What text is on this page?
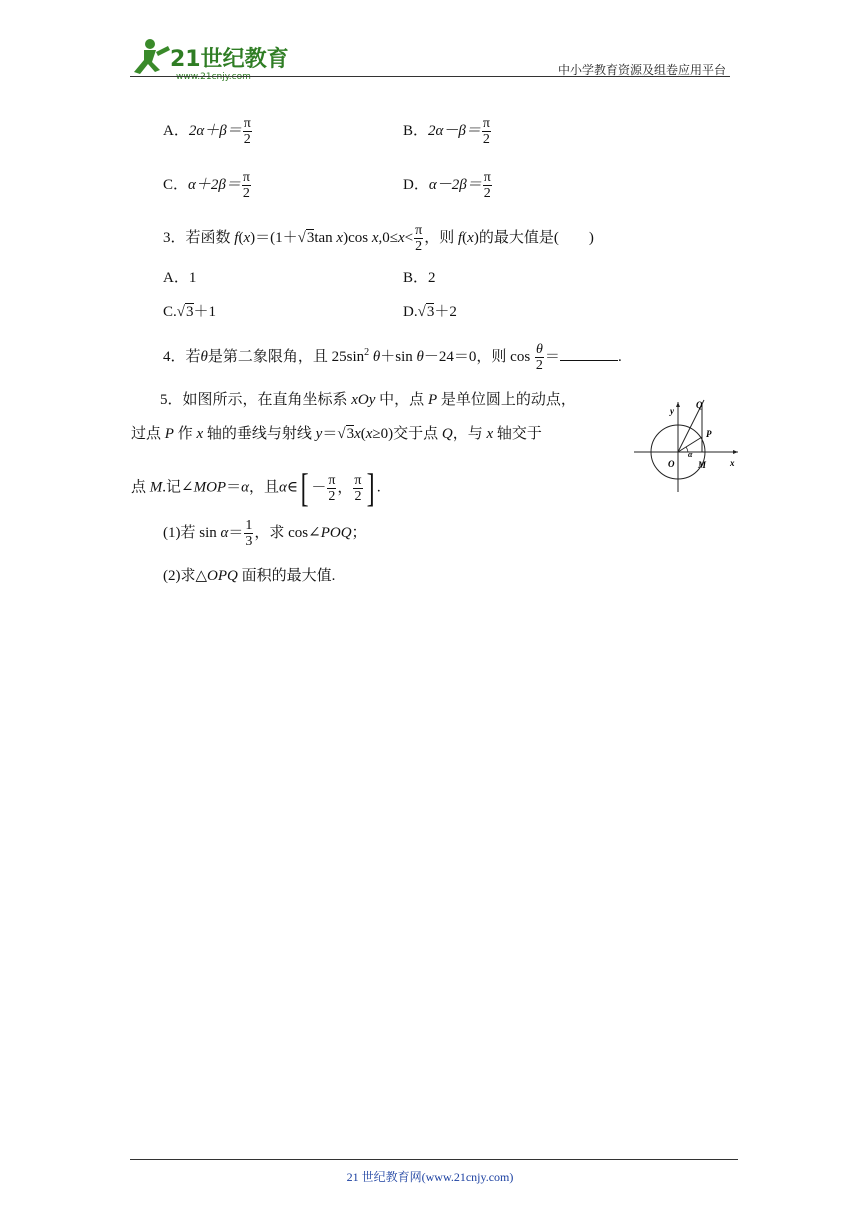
21世纪教育
www.21cnjy.com	中小学教育资源及组卷应用平台
A．$2\alpha+\beta= \frac{\pi}{2}$	B．$2\alpha-\beta= \frac{\pi}{2}$
C．$\alpha+2\beta= \frac{\pi}{2}$	D．$\alpha-2\beta= \frac{\pi}{2}$
3．若函数 f(x)＝(1＋√3tan x)cos $x,0\le x< \frac{\pi}{2}$ ，则 f(x)的最大值是(　　)
A．1	B．2
C.√3＋1	D.√3＋2
4．若θ是第二象限角，且 $25\sin^2$ θ＋sin θ－24＝0，则 $\cos \frac{\theta}{2}$ ＝	.
5．如图所示，在直角坐标系 xOy 中，点 P 是单位圆上的动点，
过点 P 作 x 轴的垂线与射线 y＝√3x(x≥0)交于点 Q，与 x 轴交于
点 M.记∠MOP＝α，且α∈ [ － $\frac{\pi}{2}$ ， $\frac{\pi}{2}$ ] .
(1)若 $\sin \alpha= \frac{1}{3}$ ，求 cos∠POQ；
(2)求△OPQ 面积的最大值.
y
x
O	M
P
Q
α
21 世纪教育网(www.21cnjy.com)
